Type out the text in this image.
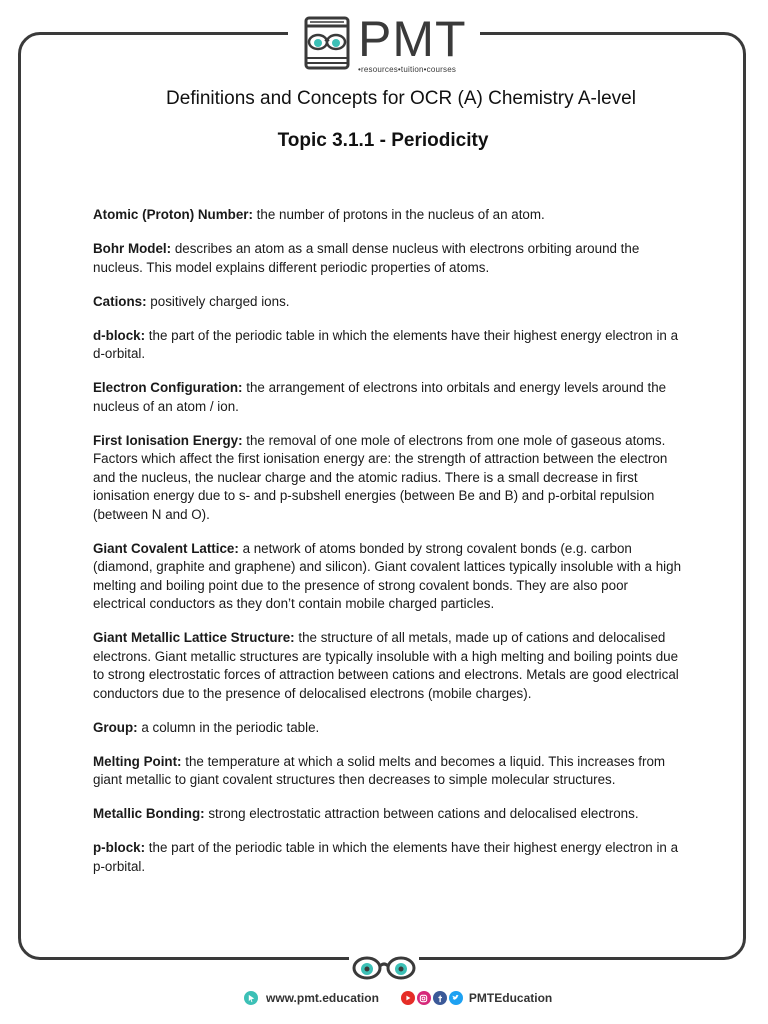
PMT
•resources•tuition•courses
Definitions and Concepts for OCR (A) Chemistry A-level
Topic 3.1.1 - Periodicity

Atomic (Proton) Number: the number of protons in the nucleus of an atom.

Bohr Model: describes an atom as a small dense nucleus with electrons orbiting around the nucleus. This model explains different periodic properties of atoms.

Cations: positively charged ions.

d-block: the part of the periodic table in which the elements have their highest energy electron in a d-orbital.

Electron Configuration: the arrangement of electrons into orbitals and energy levels around the nucleus of an atom / ion.

First Ionisation Energy: the removal of one mole of electrons from one mole of gaseous atoms. Factors which affect the first ionisation energy are: the strength of attraction between the electron and the nucleus, the nuclear charge and the atomic radius. There is a small decrease in first ionisation energy due to s- and p-subshell energies (between Be and B) and p-orbital repulsion (between N and O).

Giant Covalent Lattice: a network of atoms bonded by strong covalent bonds (e.g. carbon (diamond, graphite and graphene) and silicon). Giant covalent lattices typically insoluble with a high melting and boiling point due to the presence of strong covalent bonds. They are also poor electrical conductors as they don’t contain mobile charged particles.

Giant Metallic Lattice Structure: the structure of all metals, made up of cations and delocalised electrons. Giant metallic structures are typically insoluble with a high melting and boiling points due to strong electrostatic forces of attraction between cations and electrons. Metals are good electrical conductors due to the presence of delocalised electrons (mobile charges).

Group: a column in the periodic table.

Melting Point: the temperature at which a solid melts and becomes a liquid. This increases from giant metallic to giant covalent structures then decreases to simple molecular structures.

Metallic Bonding: strong electrostatic attraction between cations and delocalised electrons.

p-block: the part of the periodic table in which the elements have their highest energy electron in a p-orbital.

www.pmt.education	PMTEducation
